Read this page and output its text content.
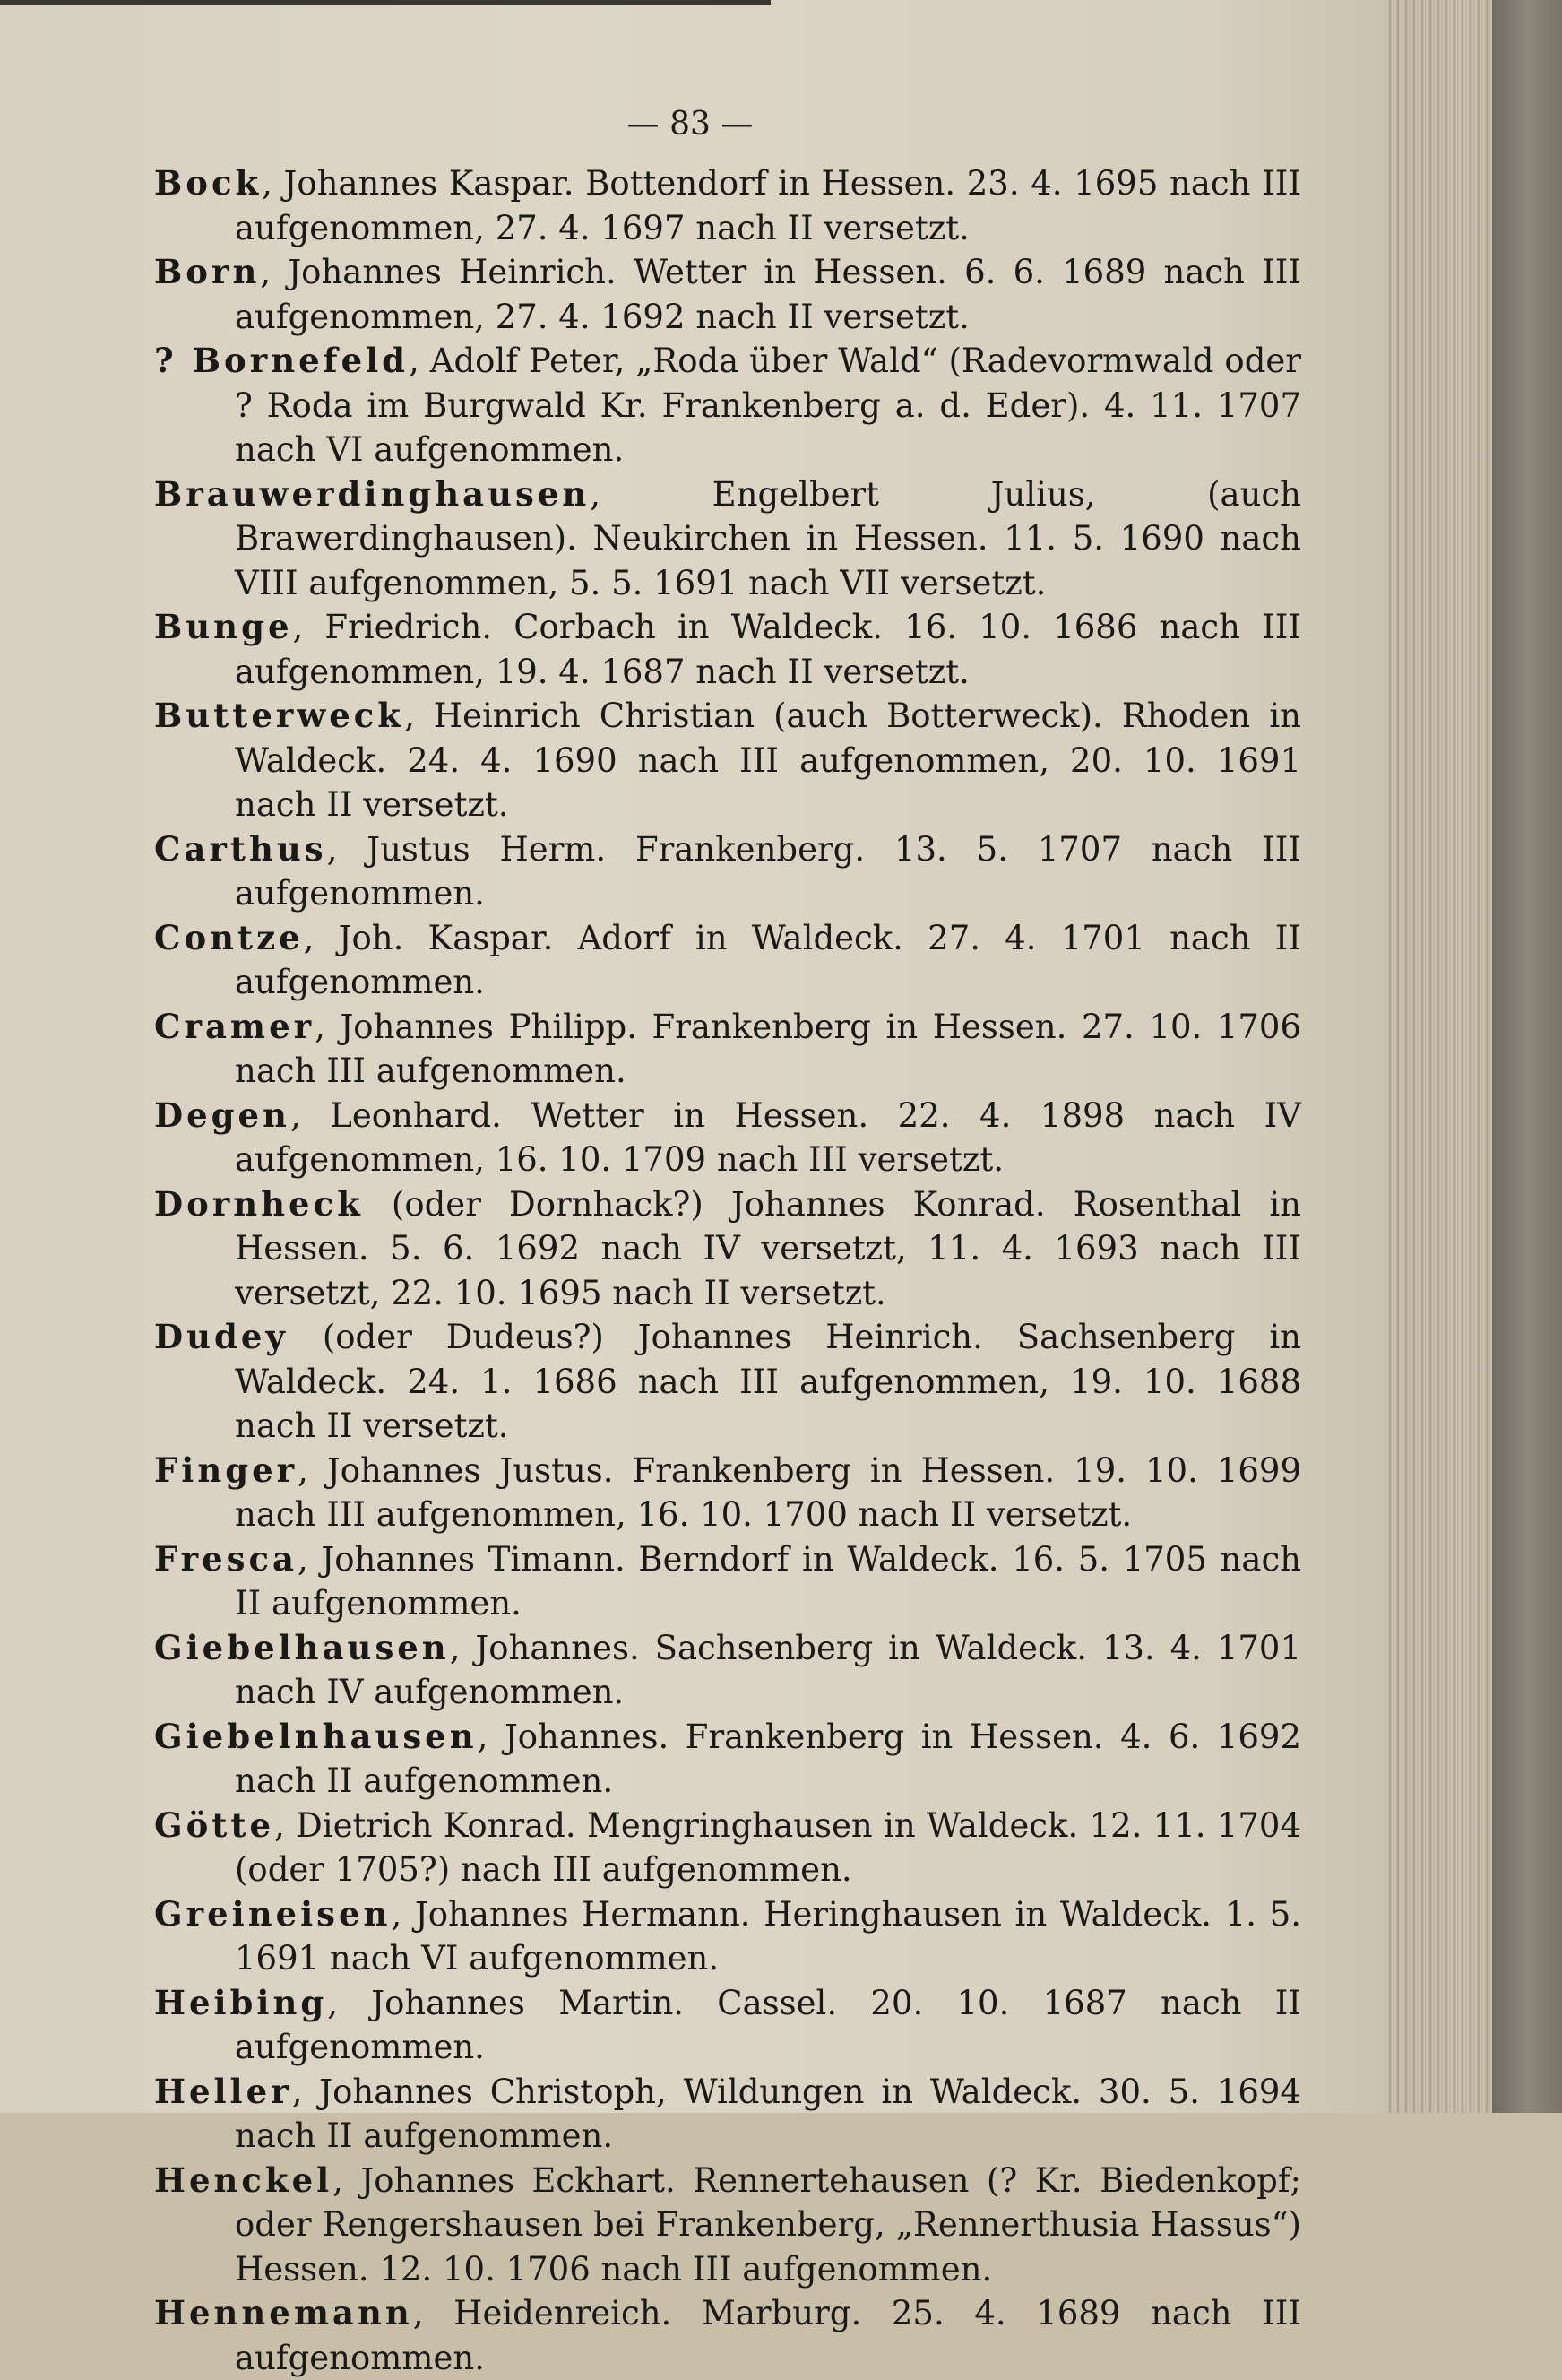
— 83 —

Bock, Johannes Kaspar. Bottendorf in Hessen. 23. 4. 1695 nach III aufgenommen, 27. 4. 1697 nach II versetzt.

Born, Johannes Heinrich. Wetter in Hessen. 6. 6. 1689 nach III aufgenommen, 27. 4. 1692 nach II versetzt.

? Bornefeld, Adolf Peter, „Roda über Wald“ (Radevormwald oder ? Roda im Burgwald Kr. Frankenberg a. d. Eder). 4. 11. 1707 nach VI aufgenommen.

Brauwerdinghausen, Engelbert Julius, (auch Brawerdinghausen). Neukirchen in Hessen. 11. 5. 1690 nach VIII aufgenommen, 5. 5. 1691 nach VII versetzt.

Bunge, Friedrich. Corbach in Waldeck. 16. 10. 1686 nach III aufgenommen, 19. 4. 1687 nach II versetzt.

Butterweck, Heinrich Christian (auch Botterweck). Rhoden in Waldeck. 24. 4. 1690 nach III aufgenommen, 20. 10. 1691 nach II versetzt.

Carthus, Justus Herm. Frankenberg. 13. 5. 1707 nach III aufgenommen.

Contze, Joh. Kaspar. Adorf in Waldeck. 27. 4. 1701 nach II aufgenommen.

Cramer, Johannes Philipp. Frankenberg in Hessen. 27. 10. 1706 nach III aufgenommen.

Degen, Leonhard. Wetter in Hessen. 22. 4. 1898 nach IV aufgenommen, 16. 10. 1709 nach III versetzt.

Dornheck (oder Dornhack?) Johannes Konrad. Rosenthal in Hessen. 5. 6. 1692 nach IV versetzt, 11. 4. 1693 nach III versetzt, 22. 10. 1695 nach II versetzt.

Dudey (oder Dudeus?) Johannes Heinrich. Sachsenberg in Waldeck. 24. 1. 1686 nach III aufgenommen, 19. 10. 1688 nach II versetzt.

Finger, Johannes Justus. Frankenberg in Hessen. 19. 10. 1699 nach III aufgenommen, 16. 10. 1700 nach II versetzt.

Fresca, Johannes Timann. Berndorf in Waldeck. 16. 5. 1705 nach II aufgenommen.

Giebelhausen, Johannes. Sachsenberg in Waldeck. 13. 4. 1701 nach IV aufgenommen.

Giebelnhausen, Johannes. Frankenberg in Hessen. 4. 6. 1692 nach II aufgenommen.

Götte, Dietrich Konrad. Mengringhausen in Waldeck. 12. 11. 1704 (oder 1705?) nach III aufgenommen.

Greineisen, Johannes Hermann. Heringhausen in Waldeck. 1. 5. 1691 nach VI aufgenommen.

Heibing, Johannes Martin. Cassel. 20. 10. 1687 nach II aufgenommen.

Heller, Johannes Christoph, Wildungen in Waldeck. 30. 5. 1694 nach II aufgenommen.

Henckel, Johannes Eckhart. Rennertehausen (? Kr. Biedenkopf; oder Rengershausen bei Frankenberg, „Rennerthusia Hassus“) Hessen. 12. 10. 1706 nach III aufgenommen.

Hennemann, Heidenreich. Marburg. 25. 4. 1689 nach III aufgenommen.
